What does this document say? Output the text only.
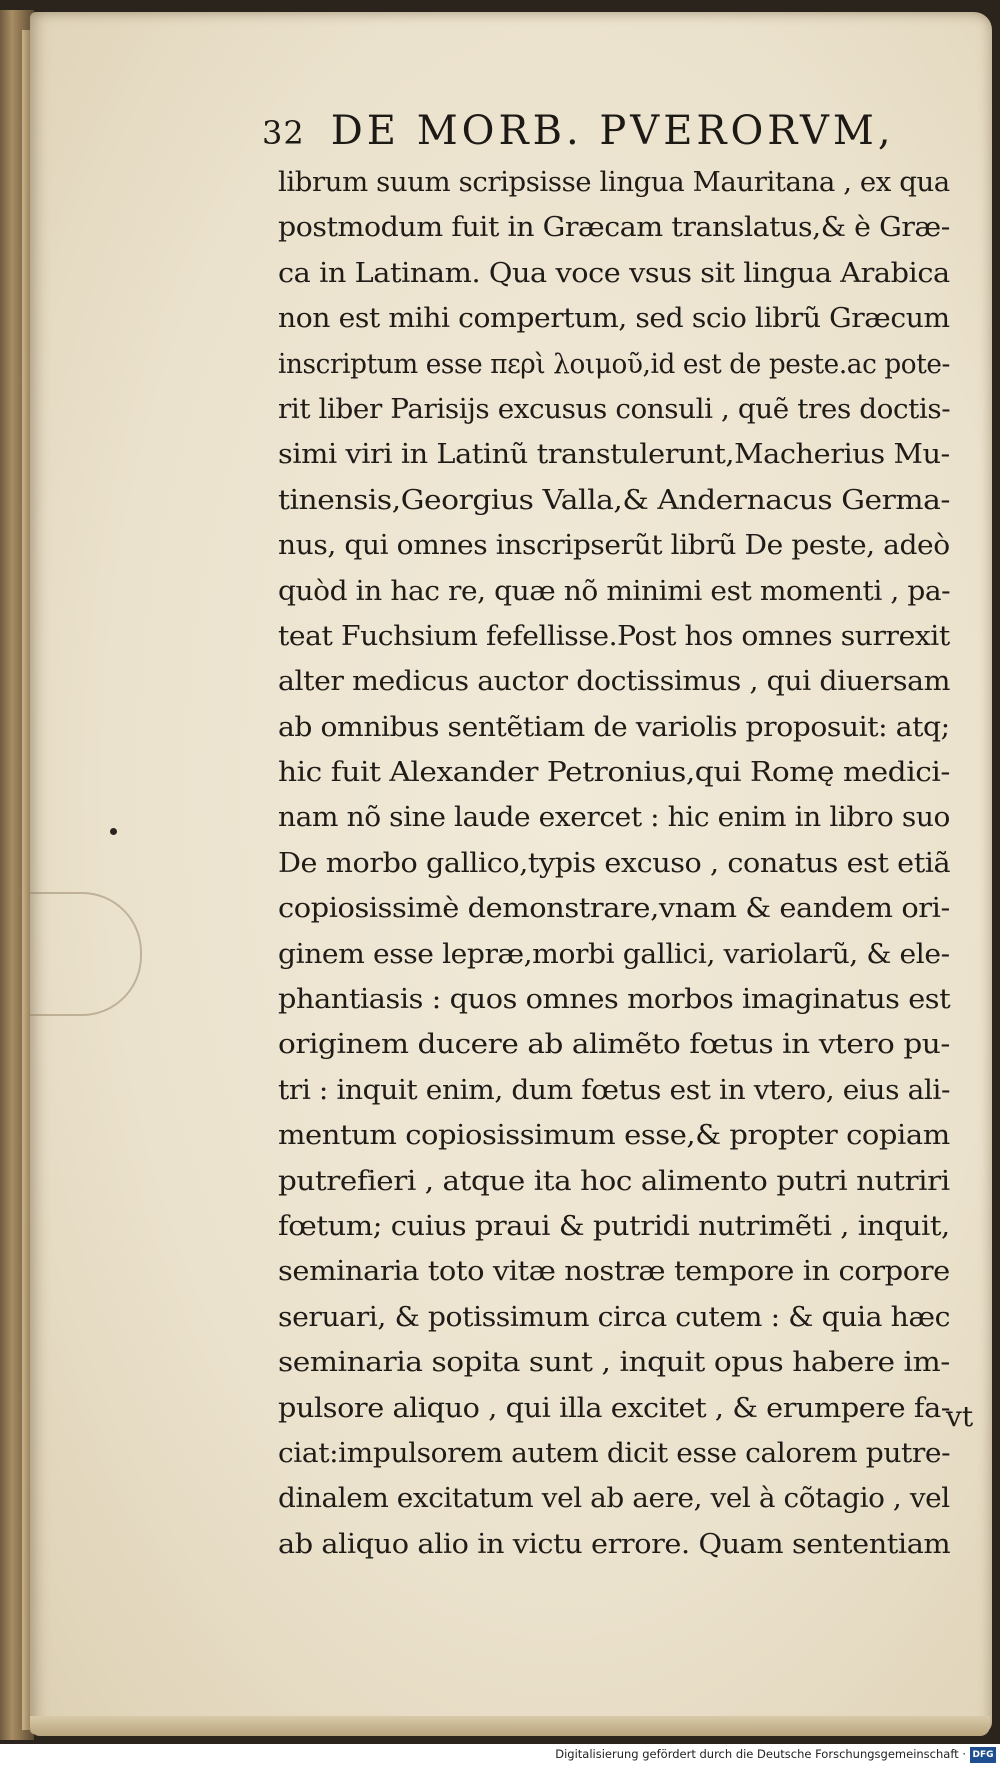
32 DE MORB. PVERORVM,
librum suum scripsisse lingua Mauritana , ex qua
postmodum fuit in Græcam translatus,& è Græ-
ca in Latinam. Qua voce vsus sit lingua Arabica
non est mihi compertum, sed scio librũ Græcum
inscriptum esse περὶ λοιμοῦ,id est de peste.ac pote-
rit liber Parisijs excusus consuli , quẽ tres doctis-
simi viri in Latinũ transtulerunt,Macherius Mu-
tinensis,Georgius Valla,& Andernacus Germa-
nus, qui omnes inscripserũt librũ De peste, adeò
quòd in hac re, quæ nõ minimi est momenti , pa-
teat Fuchsium fefellisse.Post hos omnes surrexit
alter medicus auctor doctissimus , qui diuersam
ab omnibus sentẽtiam de variolis proposuit: atq;
hic fuit Alexander Petronius,qui Romę medici-
nam nõ sine laude exercet : hic enim in libro suo
De morbo gallico,typis excuso , conatus est etiã
copiosissimè demonstrare,vnam & eandem ori-
ginem esse lepræ,morbi gallici, variolarũ, & ele-
phantiasis : quos omnes morbos imaginatus est
originem ducere ab alimẽto fœtus in vtero pu-
tri : inquit enim, dum fœtus est in vtero, eius ali-
mentum copiosissimum esse,& propter copiam
putrefieri , atque ita hoc alimento putri nutriri
fœtum; cuius praui & putridi nutrimẽti , inquit,
seminaria toto vitæ nostræ tempore in corpore
seruari, & potissimum circa cutem : & quia hæc
seminaria sopita sunt , inquit opus habere im-
pulsore aliquo , qui illa excitet , & erumpere fa-
ciat:impulsorem autem dicit esse calorem putre-
dinalem excitatum vel ab aere, vel à cõtagio , vel
ab aliquo alio in victu errore. Quam sententiam
vt
Digitalisierung gefördert durch die Deutsche Forschungsgemeinschaft · DFG
